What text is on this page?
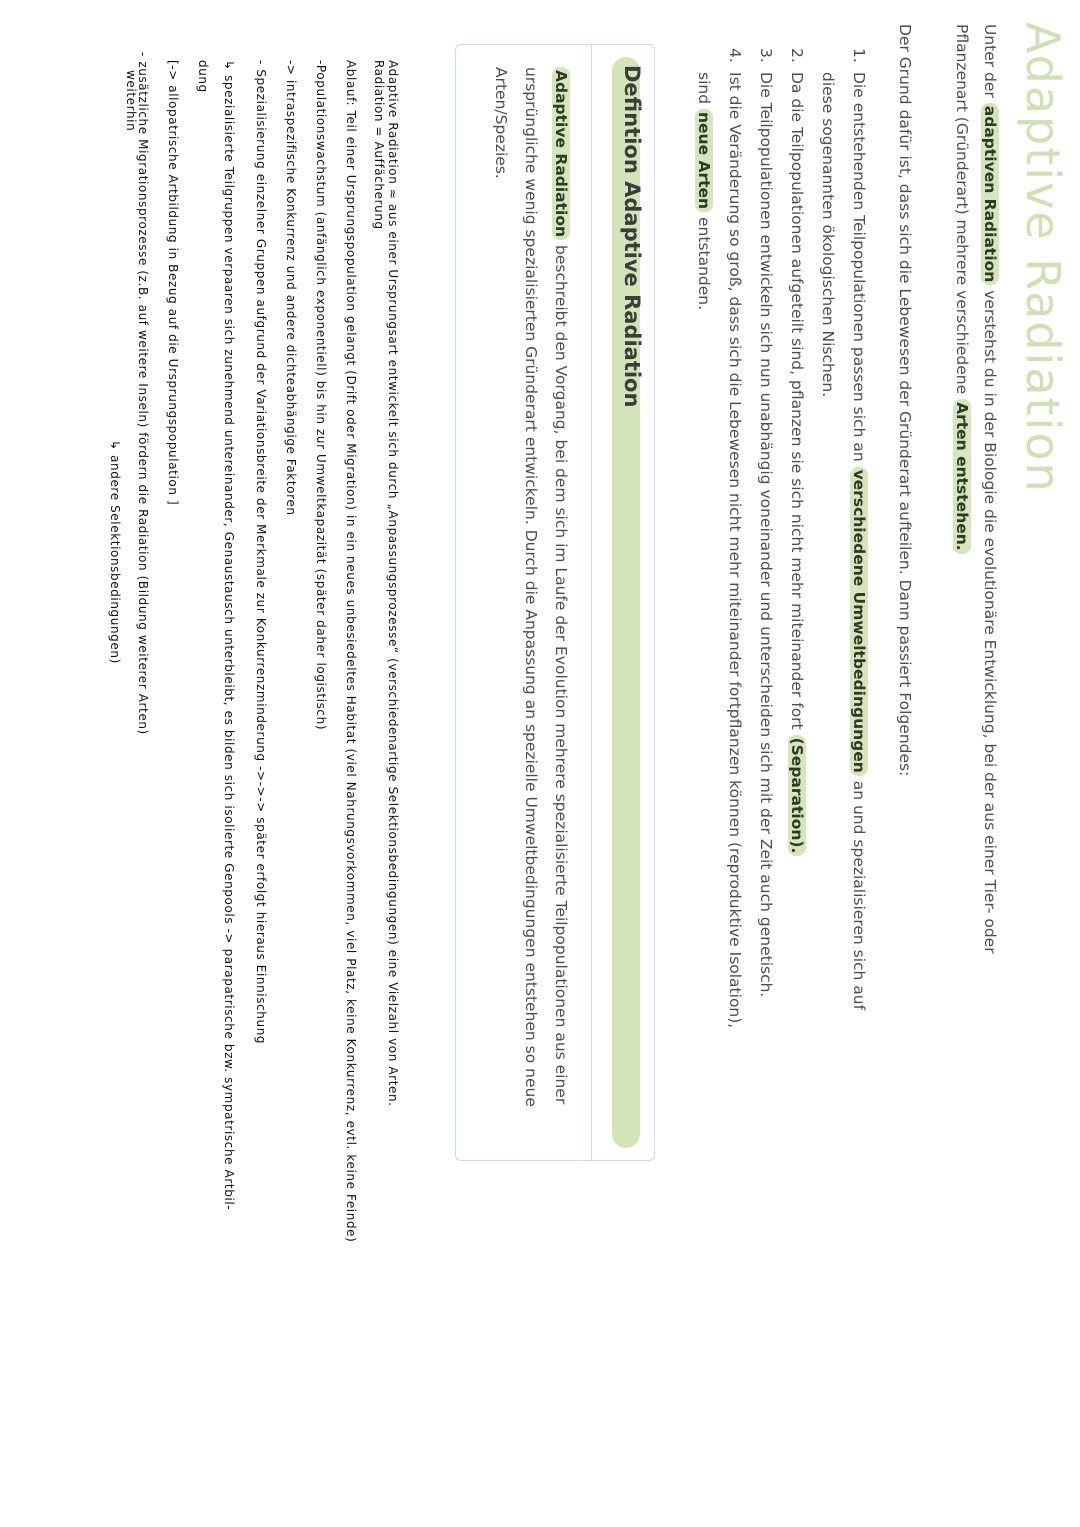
Adaptive Radiation
Unter der adaptiven Radiation verstehst du in der Biologie die evolutionäre Entwicklung, bei der aus einer Tier- oder Pflanzenart (Gründerart) mehrere verschiedene Arten entstehen.
Der Grund dafür ist, dass sich die Lebewesen der Gründerart aufteilen. Dann passiert Folgendes:
1.
Die entstehenden Teilpopulationen passen sich an verschiedene Umweltbedingungen an und spezialisieren sich auf diese sogenannten ökologischen Nischen.
2.
Da die Teilpopulationen aufgeteilt sind, pflanzen sie sich nicht mehr miteinander fort (Separation).
3.
Die Teilpopulationen entwickeln sich nun unabhängig voneinander und unterscheiden sich mit der Zeit auch genetisch.
4.
Ist die Veränderung so groß, dass sich die Lebewesen nicht mehr miteinander fortpflanzen können (reproduktive Isolation), sind neue Arten entstanden.
Defintion Adaptive Radiation
Adaptive Radiation beschreibt den Vorgang, bei dem sich im Laufe der Evolution mehrere spezialisierte Teilpopulationen aus einer ursprüngliche wenig spezialisierten Gründerart entwickeln. Durch die Anpassung an spezielle Umweltbedingungen entstehen so neue Arten/Spezies.
Adaptive Radiation ≈ aus einer Ursprungsart entwickelt sich durch „Anpassungsprozesse“ (verschiedenartige Selektionsbedingungen) eine Vielzahl von Arten.
Radiation = Auffächerung
Ablauf: Teil einer Ursprungspopulation gelangt (Drift oder Migration) in ein neues unbesiedeltes Habitat (viel Nahrungsvorkommen, viel Platz, keine Konkurrenz, evtl. keine Feinde)
-Populationswachstum (anfänglich exponentiell) bis hin zur Umweltkapazität (später daher logistisch)
-> intraspezifische Konkurrenz und andere dichteabhängige Faktoren
- Spezialisierung einzelner Gruppen aufgrund der Variationsbreite der Merkmale zur Konkurrenzminderung ->->-> später erfolgt hieraus Einnischung
↳ spezialisierte Teilgruppen verpaaren sich zunehmend untereinander, Genaustausch unterbleibt, es bilden sich isolierte Genpools -> parapatrische bzw. sympatrische Artbil-
dung
[-> allopatrische Artbildung in Bezug auf die Ursprungspopulation ]
- zusätzliche Migrationsprozesse (z.B. auf weitere Inseln) fördern die Radiation (Bildung weiterer Arten)
weiterhin
↳ andere Selektionsbedingungen)
